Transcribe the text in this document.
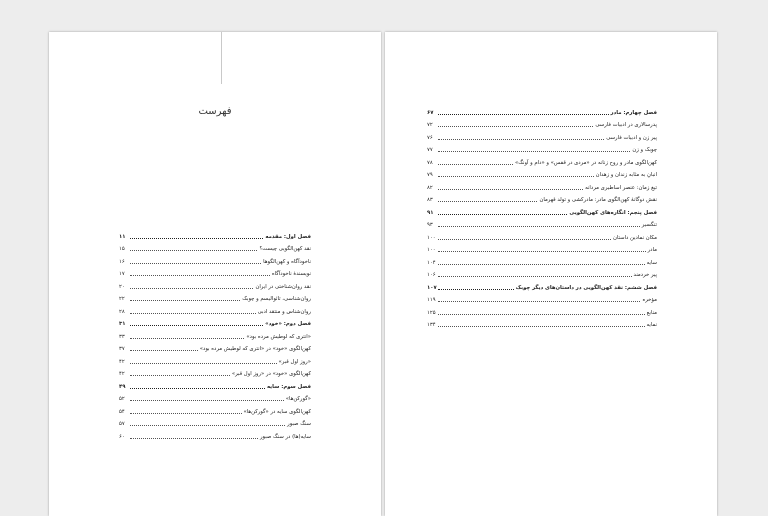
فهرست
فصل اول: مقدمه
۱۱
نقد کهن‌الگویی چیست؟
۱۵
ناخودآگاه و کهن‌الگوها
۱۶
نویسندهٔ ناخودآگاه
۱۷
نقد روان‌شناختی در ایران
۲۰
روان‌شناسی، تائوالیسم و چوبک
۲۲
روان‌شناس و منتقد ادبی
۲۸
فصل دوم: «خود»
۳۱
«انتری که لوطیش مرده بود»
۳۳
کهن‌الگوی «خود» در «انتری که لوطیش مرده بود»
۳۷
«روز اول قبر»
۴۲
کهن‌الگوی «خود» در «روز اول قبر»
۴۲
فصل سوم: سایه
۴۹
«گورکن‌ها»
۵۲
کهن‌الگوی سایه در «گورکن‌ها»
۵۴
سنگ صبور
۵۷
سایه(ها) در سنگ صبور
۶۰
فصل چهارم: مادر
۶۷
پدرسالاری در ادبیات فارسی
۷۲
پیر زن و ادبیات فارسی
۷۶
چوبک و زن
۷۷
کهن‌الگوی مادر و روح زنانه در «مردی در قفس» و «دام و آونگ»
۷۸
انبانِ به مثابه زندان و زهدان
۷۹
تیغ زمان: عنصر اساطیری مردانه
۸۲
نقش دوگانهٔ کهن‌الگوی مادر: مادرکشی و تولد قهرمان
۸۳
فصل پنجم: انگاره‌های کهن‌الگویی
۹۱
تنگسیر
۹۳
مکان نمادین داستان
۱۰۰
مادر
۱۰۰
سایه
۱۰۴
پیر خردمند
۱۰۶
فصل ششم: نقد کهن‌الگویی در داستان‌های دیگر چوبک
۱۰۷
مؤخره
۱۱۹
منابع
۱۲۵
نمایه
۱۳۴
